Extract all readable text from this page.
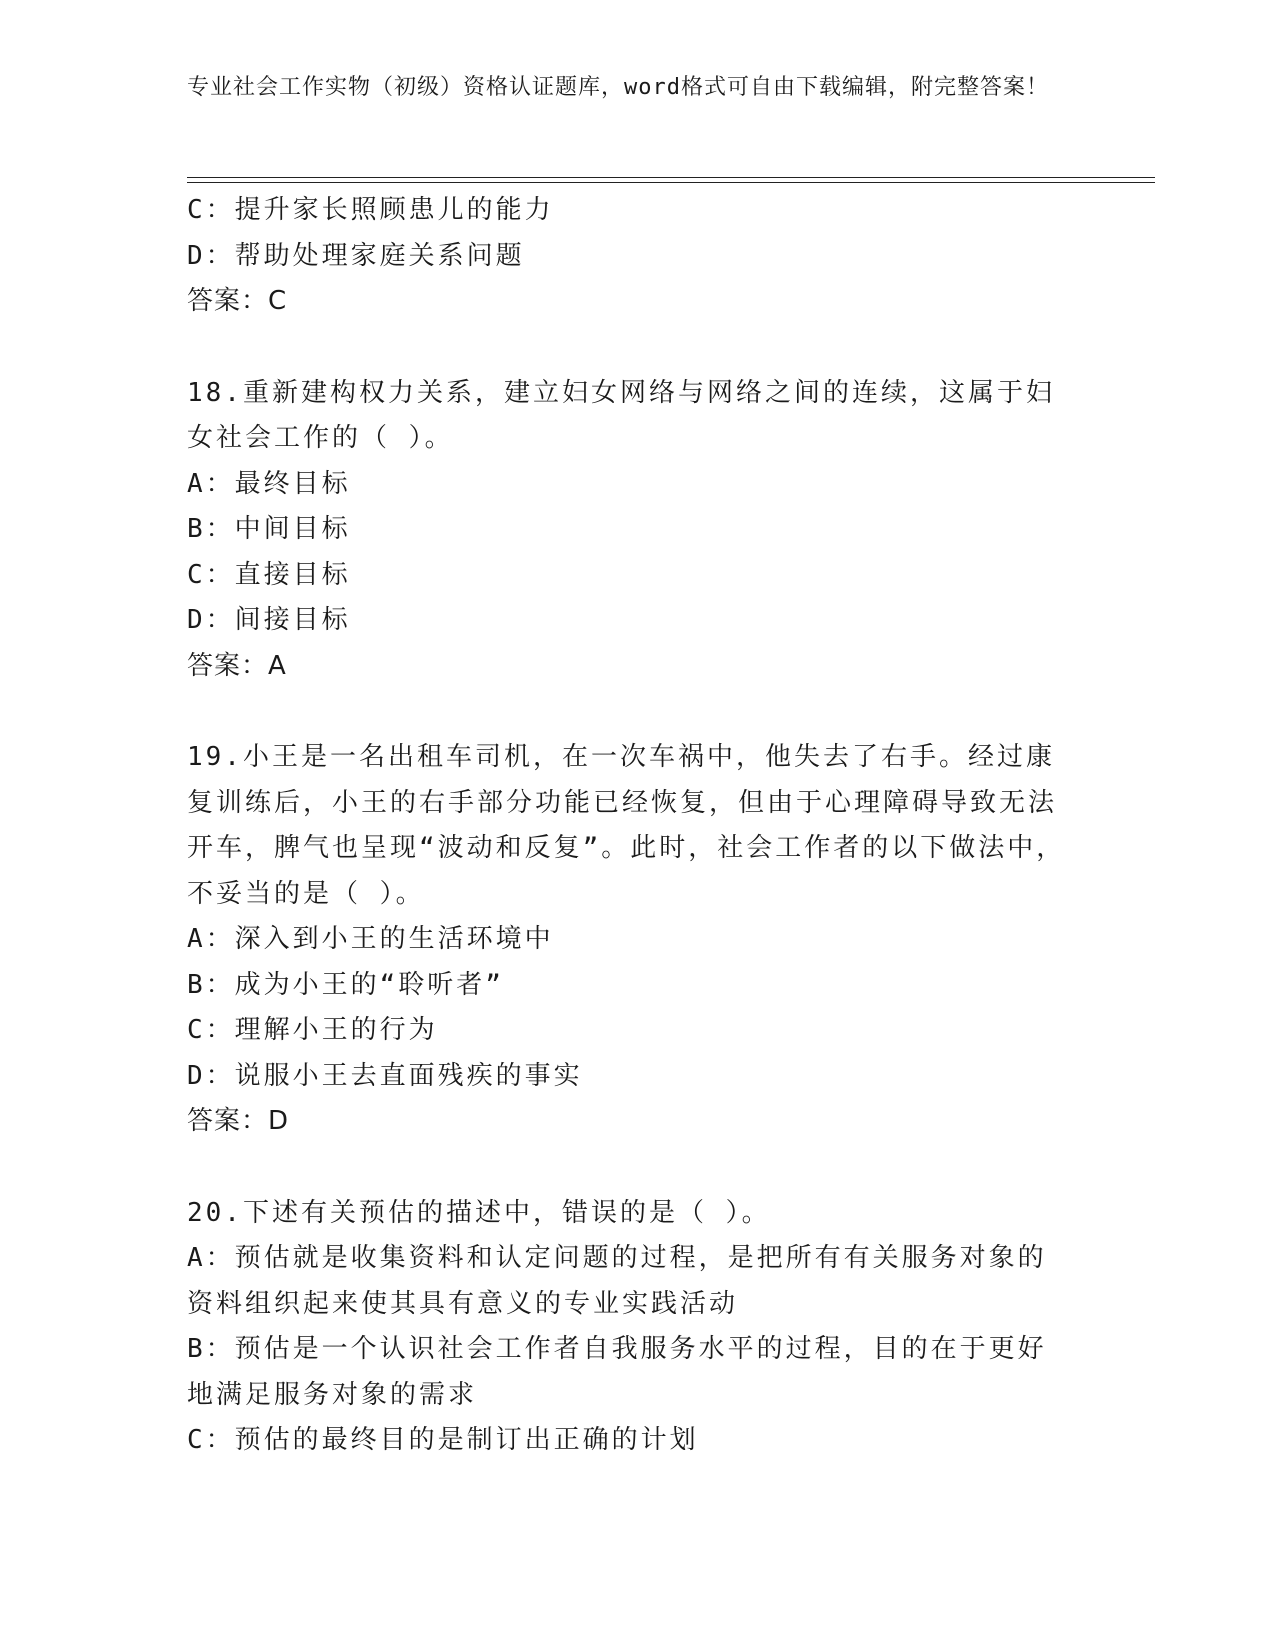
专业社会工作实物（初级）资格认证题库，word格式可自由下载编辑，附完整答案！
C：提升家长照顾患儿的能力
D：帮助处理家庭关系问题
答案：C
18.重新建构权力关系，建立妇女网络与网络之间的连续，这属于妇女社会工作的（ ）。
A：最终目标
B：中间目标
C：直接目标
D：间接目标
答案：A
19.小王是一名出租车司机，在一次车祸中，他失去了右手。经过康复训练后，小王的右手部分功能已经恢复，但由于心理障碍导致无法开车，脾气也呈现“波动和反复”。此时，社会工作者的以下做法中，不妥当的是（ ）。
A：深入到小王的生活环境中
B：成为小王的“聆听者”
C：理解小王的行为
D：说服小王去直面残疾的事实
答案：D
20.下述有关预估的描述中，错误的是（ ）。
A：预估就是收集资料和认定问题的过程，是把所有有关服务对象的资料组织起来使其具有意义的专业实践活动
B：预估是一个认识社会工作者自我服务水平的过程，目的在于更好地满足服务对象的需求
C：预估的最终目的是制订出正确的计划
